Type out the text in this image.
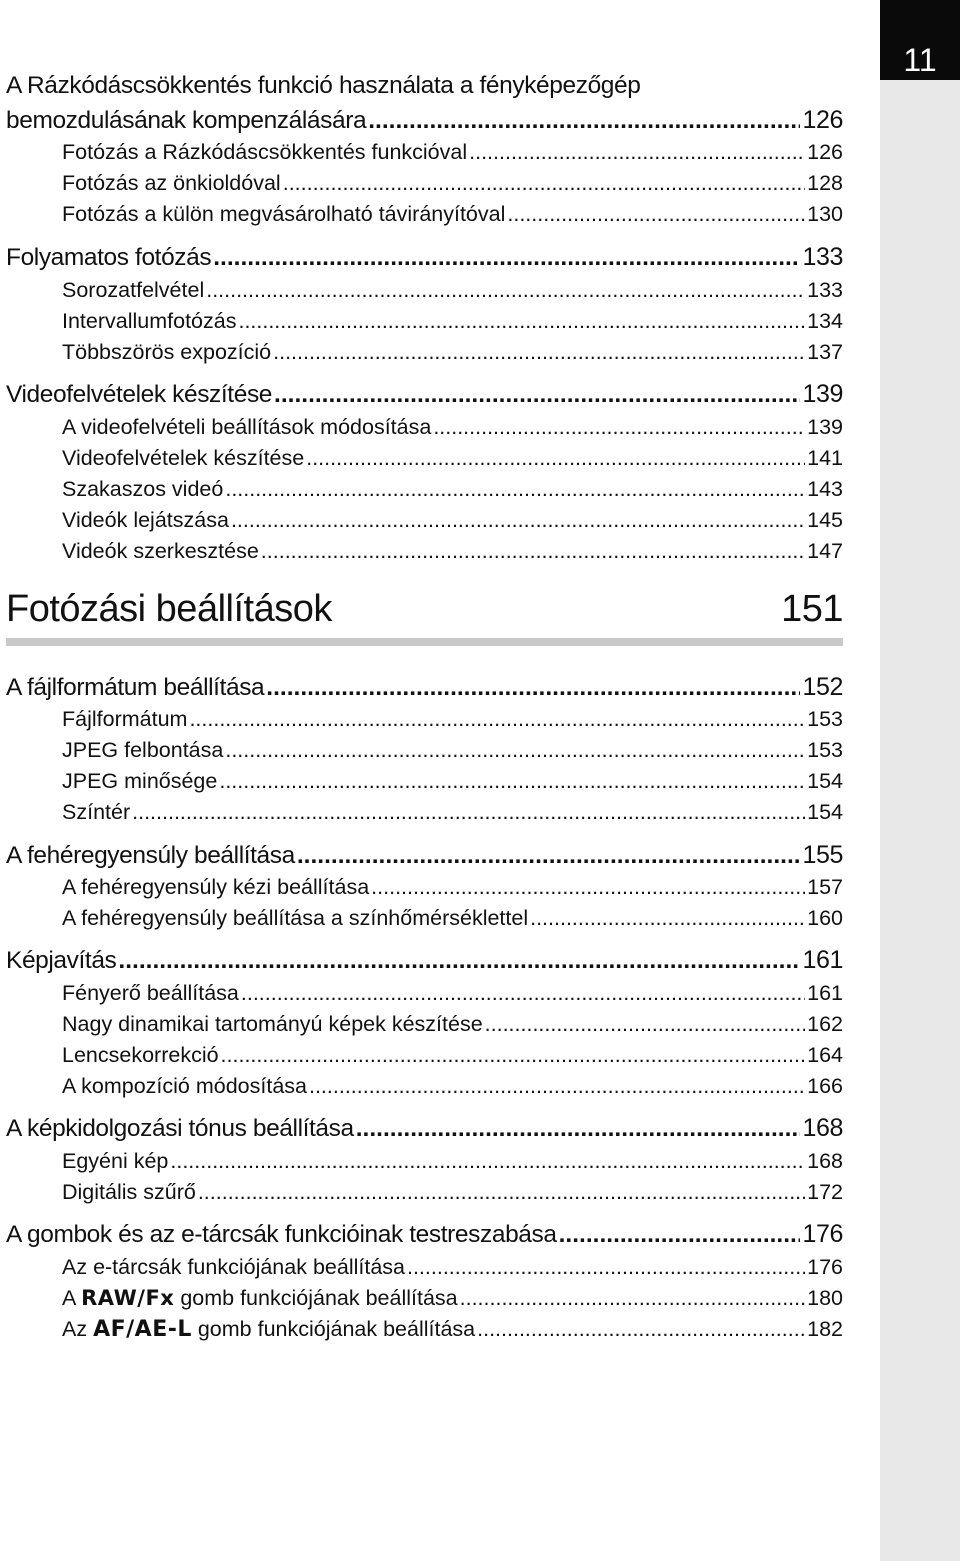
11
A Rázkódáscsökkentés funkció használata a fényképezőgép
bemozdulásának kompenzálására .....	126
Fotózás a Rázkódáscsökkentés funkcióval .....	126
Fotózás az önkioldóval .....	128
Fotózás a külön megvásárolható távirányítóval .....	130
Folyamatos fotózás .....	133
Sorozatfelvétel .....	133
Intervallumfotózás .....	134
Többszörös expozíció .....	137
Videofelvételek készítése .....	139
A videofelvételi beállítások módosítása .....	139
Videofelvételek készítése .....	141
Szakaszos videó .....	143
Videók lejátszása .....	145
Videók szerkesztése .....	147
Fotózási beállítások	151
A fájlformátum beállítása .....	152
Fájlformátum .....	153
JPEG felbontása .....	153
JPEG minősége .....	154
Színtér .....	154
A fehéregyensúly beállítása .....	155
A fehéregyensúly kézi beállítása .....	157
A fehéregyensúly beállítása a színhőmérséklettel .....	160
Képjavítás .....	161
Fényerő beállítása .....	161
Nagy dinamikai tartományú képek készítése .....	162
Lencsekorrekció .....	164
A kompozíció módosítása .....	166
A képkidolgozási tónus beállítása .....	168
Egyéni kép .....	168
Digitális szűrő .....	172
A gombok és az e-tárcsák funkcióinak testreszabása .....	176
Az e-tárcsák funkciójának beállítása .....	176
A RAW/Fx gomb funkciójának beállítása .....	180
Az AF/AE-L gomb funkciójának beállítása .....	182
